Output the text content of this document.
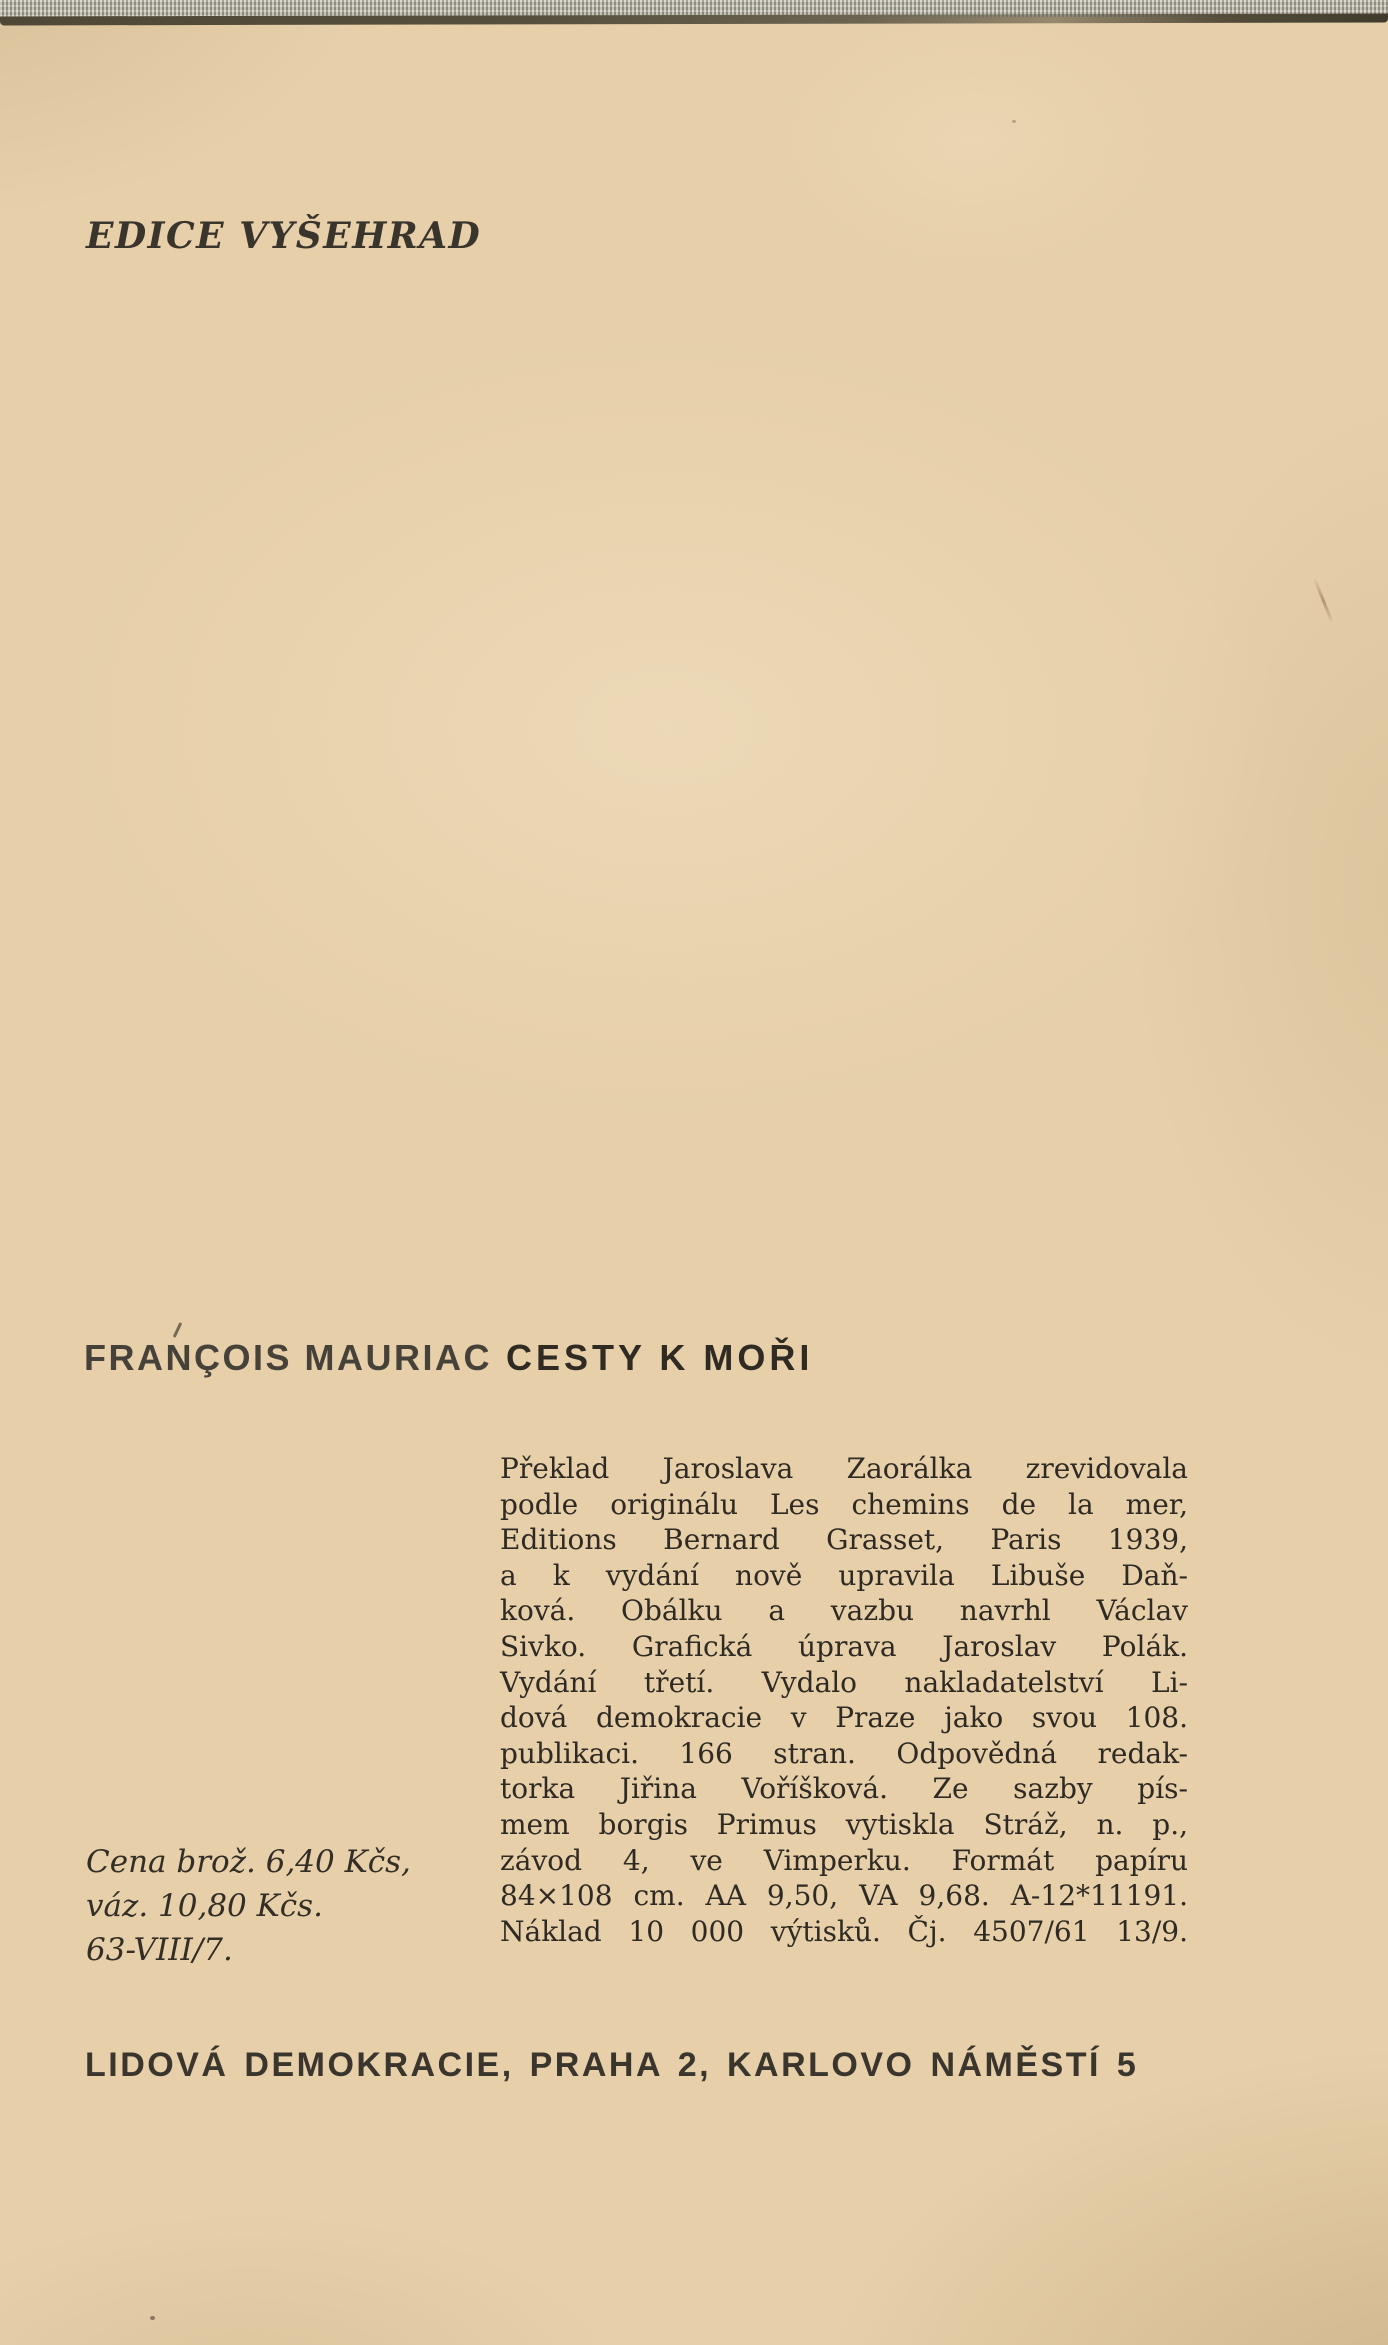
EDICE VYŠEHRAD
FRANÇOIS MAURIAC CESTY K MOŘI
Překlad Jaroslava Zaorálka zrevidovala
podle originálu Les chemins de la mer,
Editions Bernard Grasset, Paris 1939,
a k vydání nově upravila Libuše Daň-
ková. Obálku a vazbu navrhl Václav
Sivko. Grafická úprava Jaroslav Polák.
Vydání třetí. Vydalo nakladatelství Li-
dová demokracie v Praze jako svou 108.
publikaci. 166 stran. Odpovědná redak-
torka Jiřina Voříšková. Ze sazby pís-
mem borgis Primus vytiskla Stráž, n. p.,
závod 4, ve Vimperku. Formát papíru
84×108 cm. AA 9,50, VA 9,68. A-12*11191.
Náklad 10 000 výtisků. Čj. 4507/61 13/9.
Cena brož. 6,40 Kčs,
váz. 10,80 Kčs.
63-VIII/7.
LIDOVÁ DEMOKRACIE, PRAHA 2, KARLOVO NÁMĚSTÍ 5
